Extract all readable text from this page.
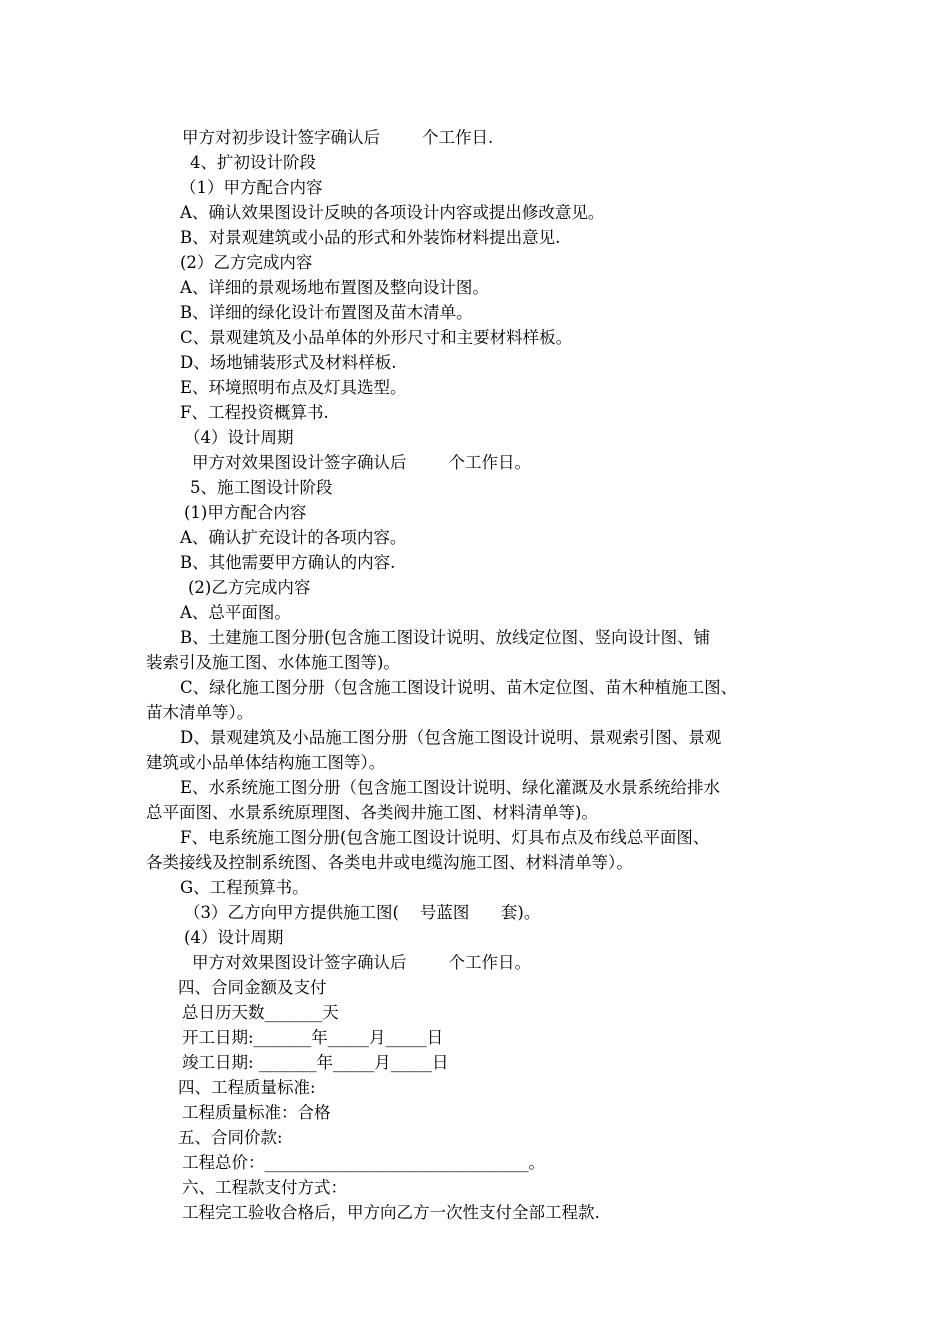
甲方对初步设计签字确认后        个工作日.

4、扩初设计阶段

（1）甲方配合内容

A、确认效果图设计反映的各项设计内容或提出修改意见。

B、对景观建筑或小品的形式和外装饰材料提出意见.

(2）乙方完成内容

A、详细的景观场地布置图及整向设计图。

B、详细的绿化设计布置图及苗木清单。

C、景观建筑及小品单体的外形尺寸和主要材料样板。

D、场地铺装形式及材料样板.

E、环境照明布点及灯具选型。

F、工程投资概算书.

（4）设计周期

甲方对效果图设计签字确认后        个工作日。

5、施工图设计阶段

(1)甲方配合内容

A、确认扩充设计的各项内容。

B、其他需要甲方确认的内容.

(2)乙方完成内容

A、总平面图。

B、土建施工图分册(包含施工图设计说明、放线定位图、竖向设计图、铺

装索引及施工图、水体施工图等)。

C、绿化施工图分册（包含施工图设计说明、苗木定位图、苗木种植施工图、

苗木清单等）。

D、景观建筑及小品施工图分册（包含施工图设计说明、景观索引图、景观

建筑或小品单体结构施工图等）。

E、水系统施工图分册（包含施工图设计说明、绿化灌溉及水景系统给排水

总平面图、水景系统原理图、各类阀井施工图、材料清单等)。

F、电系统施工图分册(包含施工图设计说明、灯具布点及布线总平面图、

各类接线及控制系统图、各类电井或电缆沟施工图、材料清单等）。

G、工程预算书。

（3）乙方向甲方提供施工图(    号蓝图      套)。

(4）设计周期

甲方对效果图设计签字确认后        个工作日。

四、合同金额及支付

总日历天数_______天

开工日期:_______年_____月_____日

竣工日期: _______年_____月_____日

四、工程质量标准:

工程质量标准：合格

五、合同价款:

工程总价：________________________________。

六、工程款支付方式：

工程完工验收合格后，甲方向乙方一次性支付全部工程款.
